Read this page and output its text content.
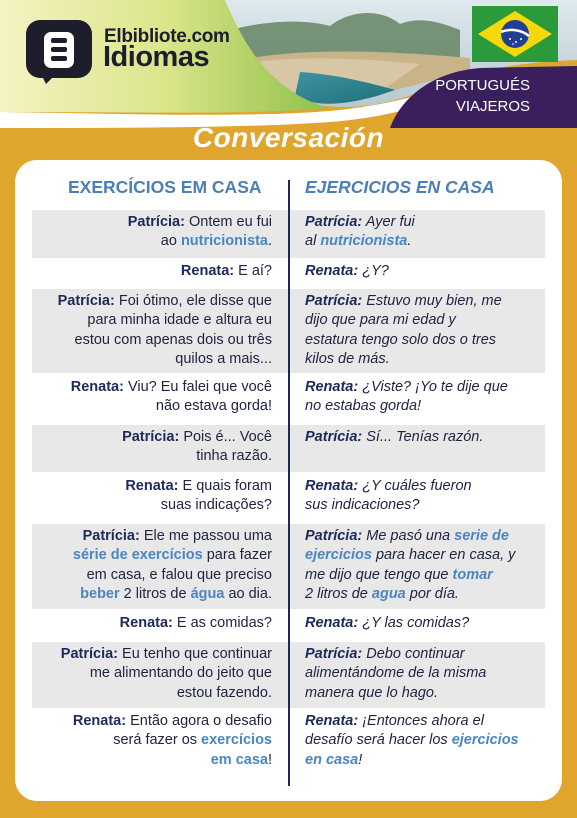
Elbibliote.com
Idiomas
PORTUGUÉS
VIAJEROS
Conversación
EXERCÍCIOS EM CASA EJERCICIOS EN CASA
Patrícia: Ontem eu fui
ao nutricionista.
Patrícia: Ayer fui
al nutricionista.
Renata: E aí? Renata: ¿Y?
Patrícia: Foi ótimo, ele disse que
para minha idade e altura eu
estou com apenas dois ou três
quilos a mais...
Patrícia: Estuvo muy bien, me
dijo que para mi edad y
estatura tengo solo dos o tres
kilos de más.
Renata: Viu? Eu falei que você
não estava gorda!
Renata: ¿Viste? ¡Yo te dije que
no estabas gorda!
Patrícia: Pois é... Você
tinha razão.
Patrícia: Sí... Tenías razón.
Renata: E quais foram
suas indicações?
Renata: ¿Y cuáles fueron
sus indicaciones?
Patrícia: Ele me passou uma
série de exercícios para fazer
em casa, e falou que preciso
beber 2 litros de água ao dia.
Patrícia: Me pasó una serie de
ejercicios para hacer en casa, y
me dijo que tengo que tomar
2 litros de agua por día.
Renata: E as comidas? Renata: ¿Y las comidas?
Patrícia: Eu tenho que continuar
me alimentando do jeito que
estou fazendo.
Patrícia: Debo continuar
alimentándome de la misma
manera que lo hago.
Renata: Então agora o desafio
será fazer os exercícios
em casa!
Renata: ¡Entonces ahora el
desafío será hacer los ejercicios
en casa!
